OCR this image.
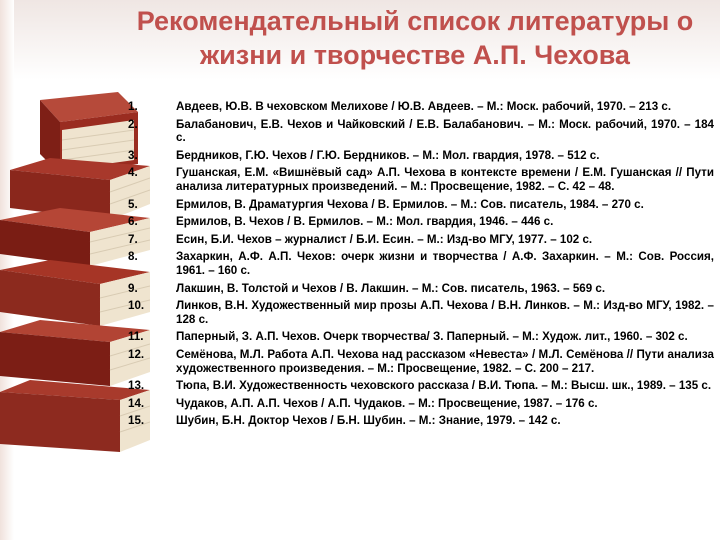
Рекомендательный список литературы о
жизни и творчестве А.П. Чехова
1.	Авдеев, Ю.В. В чеховском Мелихове / Ю.В. Авдеев. – М.: Моск. рабочий, 1970. – 213 с.
2.	Балабанович, Е.В. Чехов и Чайковский / Е.В. Балабанович. – М.: Моск. рабочий, 1970. – 184 с.
3.	Бердников, Г.Ю. Чехов / Г.Ю. Бердников. – М.: Мол. гвардия, 1978. – 512 с.
4.	Гушанская, Е.М. «Вишнёвый сад» А.П. Чехова в контексте времени / Е.М. Гушанская // Пути анализа литературных произведений. – М.: Просвещение, 1982. – С. 42 – 48.
5.	Ермилов, В. Драматургия Чехова / В. Ермилов. – М.: Сов. писатель, 1984. – 270 с.
6.	Ермилов, В. Чехов / В. Ермилов. – М.: Мол. гвардия, 1946. – 446 с.
7.	Есин, Б.И. Чехов – журналист / Б.И. Есин. – М.: Изд-во МГУ, 1977. – 102 с.
8.	Захаркин, А.Ф. А.П. Чехов: очерк жизни и творчества / А.Ф. Захаркин. – М.: Сов. Россия, 1961. – 160 с.
9.	Лакшин, В. Толстой и Чехов / В. Лакшин. – М.: Сов. писатель, 1963. – 569 с.
10.	Линков, В.Н. Художественный мир прозы А.П. Чехова / В.Н. Линков. – М.: Изд-во МГУ, 1982. – 128 с.
11.	Паперный, З. А.П. Чехов. Очерк творчества/ З. Паперный. – М.: Худож. лит., 1960. – 302 с.
12.	Семёнова, М.Л. Работа А.П. Чехова над рассказом «Невеста» / М.Л. Семёнова // Пути анализа художественного произведения. – М.: Просвещение, 1982. – С. 200 – 217.
13.	Тюпа, В.И. Художественность чеховского рассказа / В.И. Тюпа. – М.: Высш. шк., 1989. – 135 с.
14.	Чудаков, А.П. А.П. Чехов / А.П. Чудаков. – М.: Просвещение, 1987. – 176 с.
15.	Шубин, Б.Н. Доктор Чехов / Б.Н. Шубин. – М.: Знание, 1979. – 142 с.
